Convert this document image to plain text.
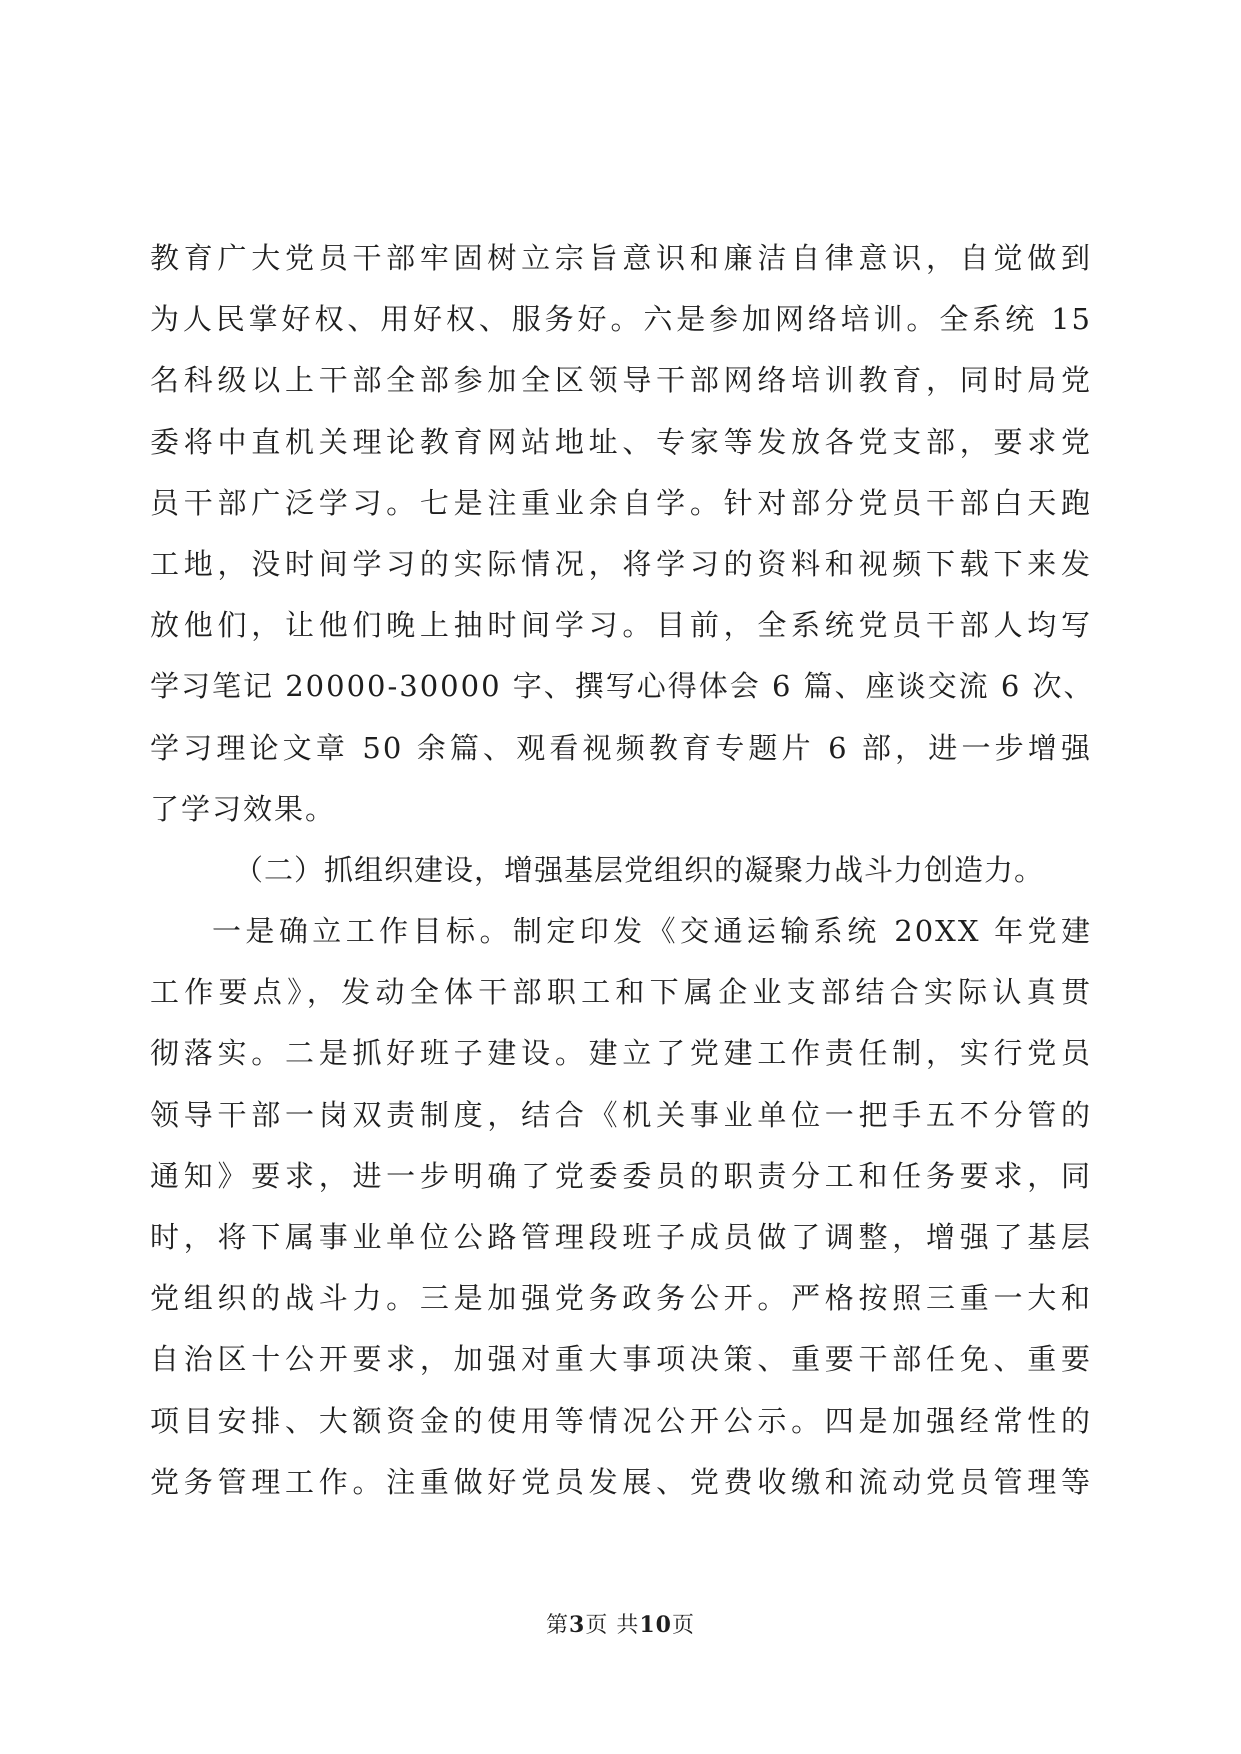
教育广大党员干部牢固树立宗旨意识和廉洁自律意识，自觉做到
为人民掌好权、用好权、服务好。六是参加网络培训。全系统 15
名科级以上干部全部参加全区领导干部网络培训教育，同时局党
委将中直机关理论教育网站地址、专家等发放各党支部，要求党
员干部广泛学习。七是注重业余自学。针对部分党员干部白天跑
工地，没时间学习的实际情况，将学习的资料和视频下载下来发
放他们，让他们晚上抽时间学习。目前，全系统党员干部人均写
学习笔记 20000-30000 字、撰写心得体会 6 篇、座谈交流 6 次、
学习理论文章 50 余篇、观看视频教育专题片 6 部，进一步增强
了学习效果。
（二）抓组织建设，增强基层党组织的凝聚力战斗力创造力。
一是确立工作目标。制定印发《交通运输系统 20XX 年党建
工作要点》，发动全体干部职工和下属企业支部结合实际认真贯
彻落实。二是抓好班子建设。建立了党建工作责任制，实行党员
领导干部一岗双责制度，结合《机关事业单位一把手五不分管的
通知》要求，进一步明确了党委委员的职责分工和任务要求，同
时，将下属事业单位公路管理段班子成员做了调整，增强了基层
党组织的战斗力。三是加强党务政务公开。严格按照三重一大和
自治区十公开要求，加强对重大事项决策、重要干部任免、重要
项目安排、大额资金的使用等情况公开公示。四是加强经常性的
党务管理工作。注重做好党员发展、党费收缴和流动党员管理等
第3页 共10页
